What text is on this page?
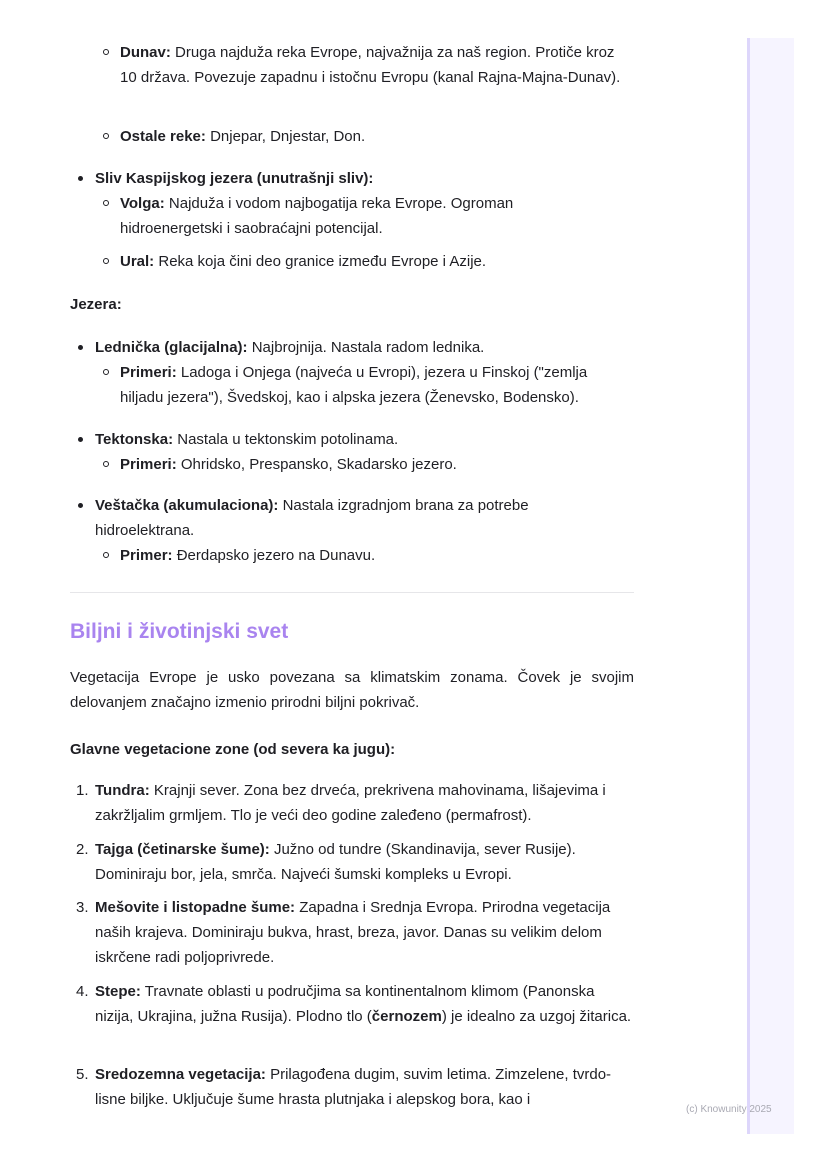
(c) Knowunity 2025
Dunav: Druga najduža reka Evrope, najvažnija za naš region. Protiče kroz 10 država. Povezuje zapadnu i istočnu Evropu (kanal Rajna-Majna-Dunav).
Ostale reke: Dnjepar, Dnjestar, Don.
Sliv Kaspijskog jezera (unutrašnji sliv):
Volga: Najduža i vodom najbogatija reka Evrope. Ogroman hidroenergetski i saobraćajni potencijal.
Ural: Reka koja čini deo granice između Evrope i Azije.
Jezera:
Lednička (glacijalna): Najbrojnija. Nastala radom lednika.
Primeri: Ladoga i Onjega (najveća u Evropi), jezera u Finskoj ("zemlja hiljadu jezera"), Švedskoj, kao i alpska jezera (Ženevsko, Bodensko).
Tektonska: Nastala u tektonskim potolinama.
Primeri: Ohridsko, Prespansko, Skadarsko jezero.
Veštačka (akumulaciona): Nastala izgradnjom brana za potrebe hidroelektrana.
Primer: Đerdapsko jezero na Dunavu.
Biljni i životinjski svet
Vegetacija Evrope je usko povezana sa klimatskim zonama. Čovek je svojim delovanjem značajno izmenio prirodni biljni pokrivač.
Glavne vegetacione zone (od severa ka jugu):
1. Tundra: Krajnji sever. Zona bez drveća, prekrivena mahovinama, lišajevima i zakržljalim grmljem. Tlo je veći deo godine zaleđeno (permafrost).
2. Tajga (četinarske šume): Južno od tundre (Skandinavija, sever Rusije). Dominiraju bor, jela, smrča. Najveći šumski kompleks u Evropi.
3. Mešovite i listopadne šume: Zapadna i Srednja Evropa. Prirodna vegetacija naših krajeva. Dominiraju bukva, hrast, breza, javor. Danas su velikim delom iskrčene radi poljoprivrede.
4. Stepe: Travnate oblasti u područjima sa kontinentalnom klimom (Panonska nizija, Ukrajina, južna Rusija). Plodno tlo (černozem) je idealno za uzgoj žitarica.
5. Sredozemna vegetacija: Prilagođena dugim, suvim letima. Zimzelene, tvrdo-lisne biljke. Uključuje šume hrasta plutnjaka i alepskog bora, kao i
